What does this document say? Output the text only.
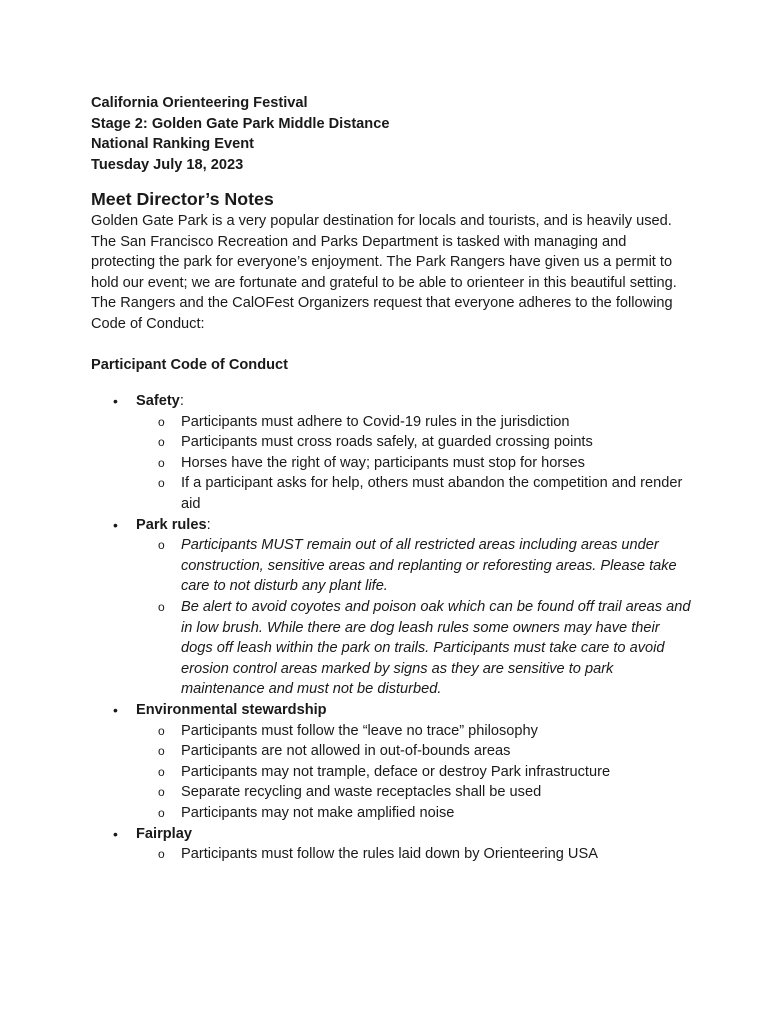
California Orienteering Festival

Stage 2: Golden Gate Park Middle Distance

National Ranking Event

Tuesday July 18, 2023

Meet Director’s Notes

Golden Gate Park is a very popular destination for locals and tourists, and is heavily used. The San Francisco Recreation and Parks Department is tasked with managing and protecting the park for everyone’s enjoyment. The Park Rangers have given us a permit to hold our event; we are fortunate and grateful to be able to orienteer in this beautiful setting. The Rangers and the CalOFest Organizers request that everyone adheres to the following Code of Conduct:

Participant Code of Conduct

• Safety:
o Participants must adhere to Covid-19 rules in the jurisdiction
o Participants must cross roads safely, at guarded crossing points
o Horses have the right of way; participants must stop for horses
o If a participant asks for help, others must abandon the competition and render aid
• Park rules:
o Participants MUST remain out of all restricted areas including areas under construction, sensitive areas and replanting or reforesting areas. Please take care to not disturb any plant life.
o Be alert to avoid coyotes and poison oak which can be found off trail areas and in low brush. While there are dog leash rules some owners may have their dogs off leash within the park on trails. Participants must take care to avoid erosion control areas marked by signs as they are sensitive to park maintenance and must not be disturbed.
• Environmental stewardship
o Participants must follow the “leave no trace” philosophy
o Participants are not allowed in out-of-bounds areas
o Participants may not trample, deface or destroy Park infrastructure
o Separate recycling and waste receptacles shall be used
o Participants may not make amplified noise
• Fairplay
o Participants must follow the rules laid down by Orienteering USA
